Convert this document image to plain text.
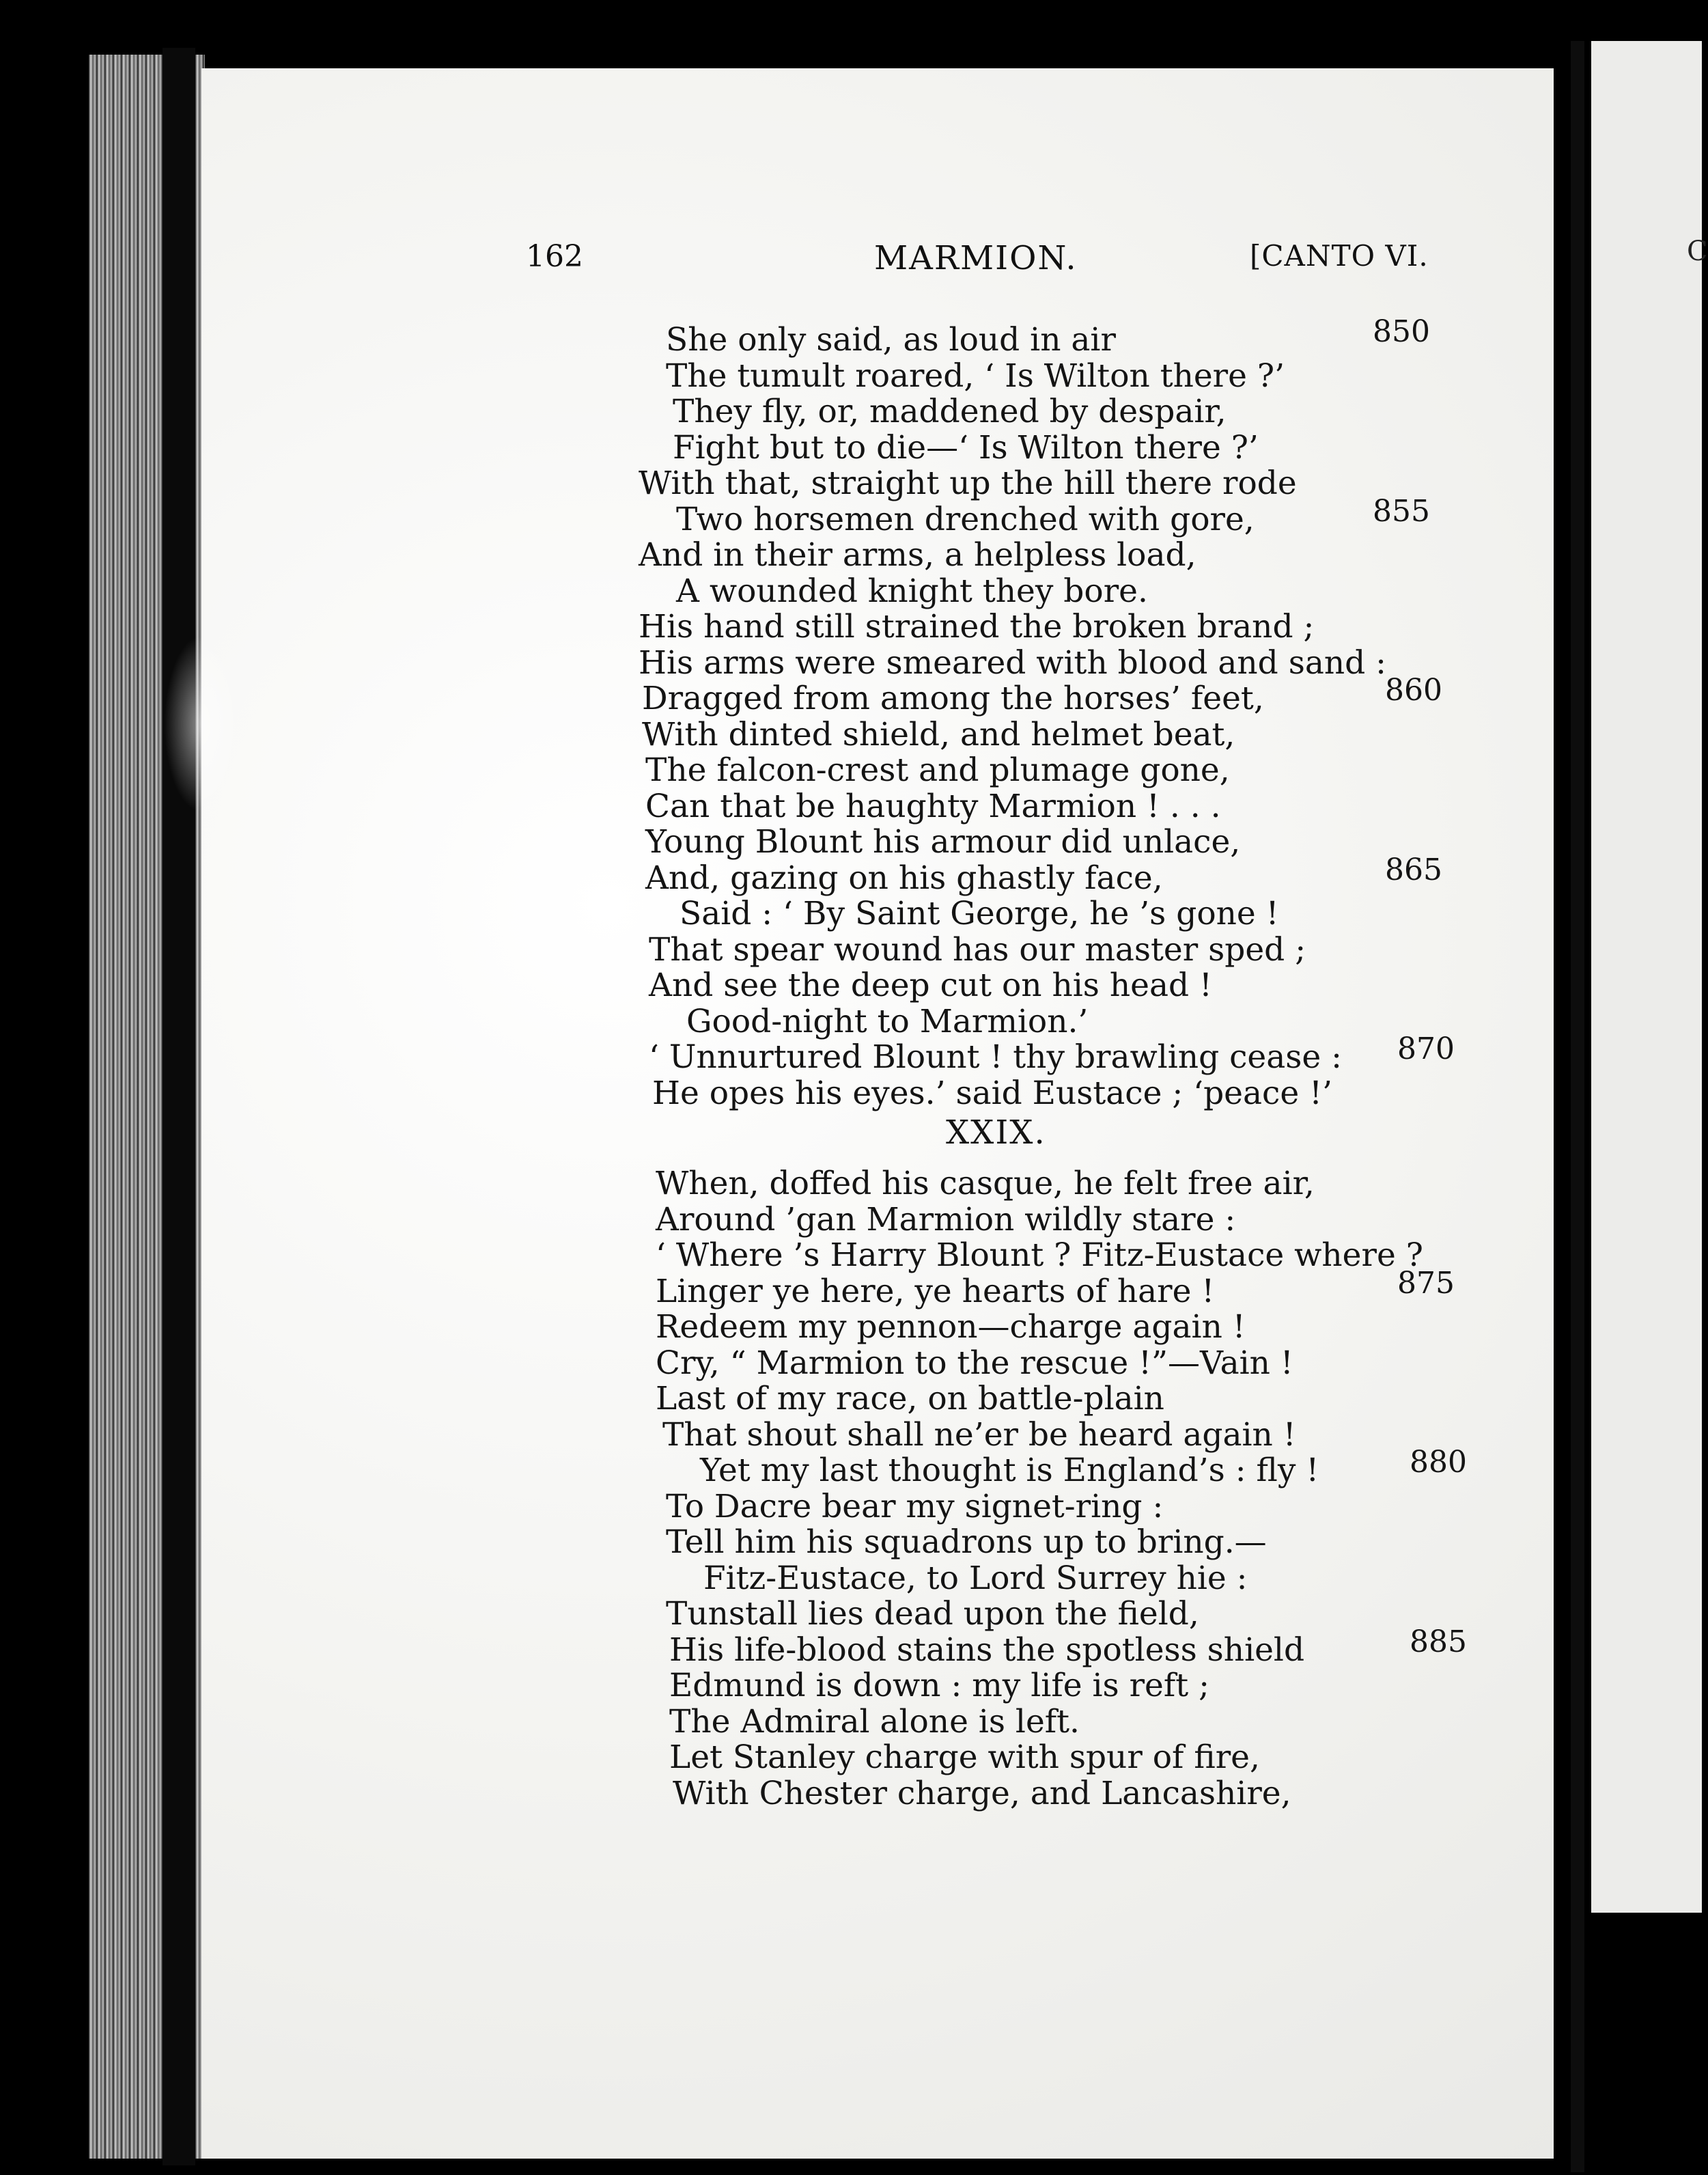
C
162	MARMION.	[CANTO VI.
XXIX.
She only said, as loud in air	850
The tumult roared, ‘ Is Wilton there ?’
They fly, or, maddened by despair,
Fight but to die—‘ Is Wilton there ?’
With that, straight up the hill there rode
Two horsemen drenched with gore,	855
And in their arms, a helpless load,
A wounded knight they bore.
His hand still strained the broken brand ;
His arms were smeared with blood and sand :
Dragged from among the horses’ feet,	860
With dinted shield, and helmet beat,
The falcon-crest and plumage gone,
Can that be haughty Marmion ! . . .
Young Blount his armour did unlace,
And, gazing on his ghastly face,	865
Said : ‘ By Saint George, he ’s gone !
That spear wound has our master sped ;
And see the deep cut on his head !
Good-night to Marmion.’
‘ Unnurtured Blount ! thy brawling cease : 870
He opes his eyes.’ said Eustace ; ‘peace !’
When, doffed his casque, he felt free air,
Around ’gan Marmion wildly stare :
‘ Where ’s Harry Blount ? Fitz-Eustace where ?
Linger ye here, ye hearts of hare !	875
Redeem my pennon—charge again !
Cry, “ Marmion to the rescue !”—Vain !
Last of my race, on battle-plain
That shout shall ne’er be heard again !
Yet my last thought is England’s : fly !	880
To Dacre bear my signet-ring :
Tell him his squadrons up to bring.—
Fitz-Eustace, to Lord Surrey hie :
Tunstall lies dead upon the field,
His life-blood stains the spotless shield	885
Edmund is down : my life is reft ;
The Admiral alone is left.
Let Stanley charge with spur of fire,
With Chester charge, and Lancashire,
